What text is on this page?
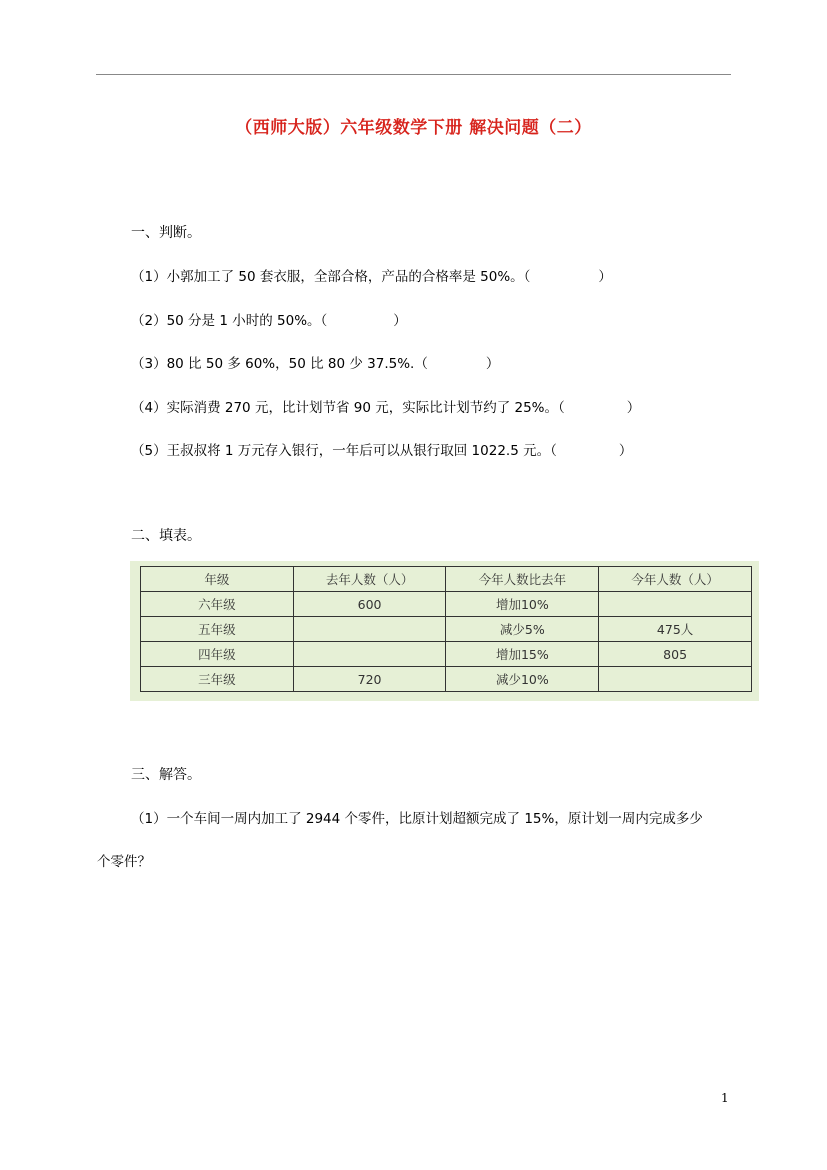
（西师大版）六年级数学下册 解决问题（二）
一、判断。
（1）小郭加工了 50 套衣服，全部合格，产品的合格率是 50%。（	）
（2）50 分是 1 小时的 50%。（	）
（3）80 比 50 多 60%，50 比 80 少 37.5%.（	）
（4）实际消费 270 元，比计划节省 90 元，实际比计划节约了 25%。（	）
（5）王叔叔将 1 万元存入银行，一年后可以从银行取回 1022.5 元。（	）
二、填表。
年级	去年人数（人）	今年人数比去年	今年人数（人）
六年级	600	增加10%	
五年级		减少5%	475人
四年级		增加15%	805
三年级	720	减少10%	
三、解答。
（1）一个车间一周内加工了 2944 个零件，比原计划超额完成了 15%，原计划一周内完成多少
个零件？
1
